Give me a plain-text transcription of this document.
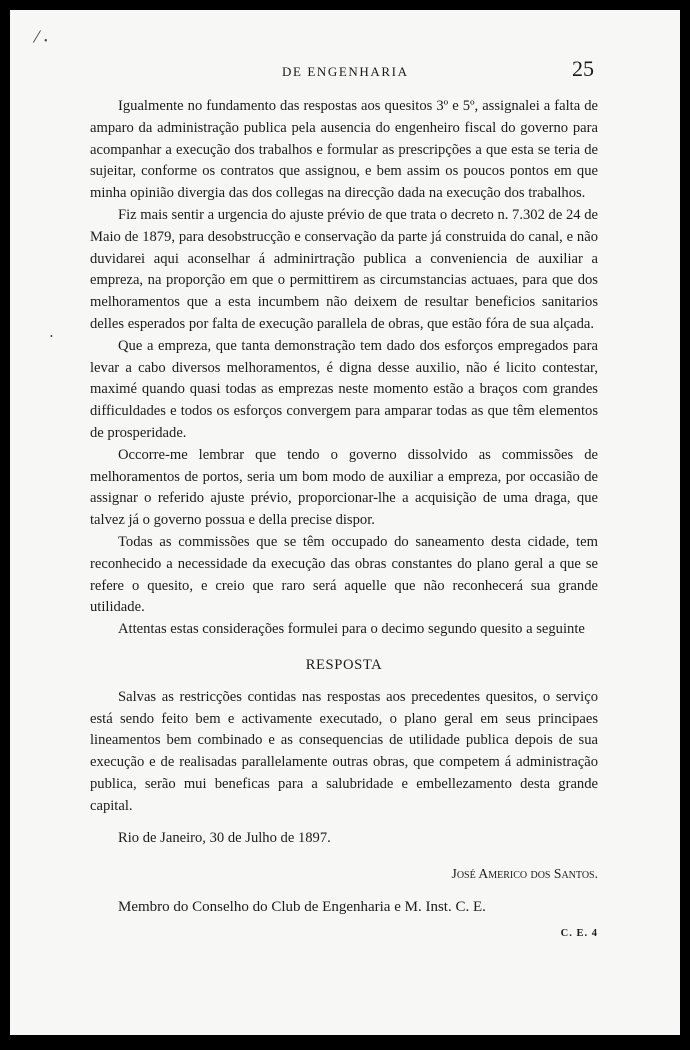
/ •
•
DE ENGENHARIA	25

Igualmente no fundamento das respostas aos quesitos 3º e 5º, assignalei a falta de amparo da administração publica pela ausencia do engenheiro fiscal do governo para acompanhar a execução dos trabalhos e formular as prescripções a que esta se teria de sujeitar, conforme os contratos que assignou, e bem assim os poucos pontos em que minha opinião divergia das dos collegas na direcção dada na execução dos trabalhos.

Fiz mais sentir a urgencia do ajuste prévio de que trata o decreto n. 7.302 de 24 de Maio de 1879, para desobstrucção e conservação da parte já construida do canal, e não duvidarei aqui aconselhar á adminirtração publica a conveniencia de auxiliar a empreza, na proporção em que o permittirem as circumstancias actuaes, para que dos melhoramentos que a esta incumbem não deixem de resultar beneficios sanitarios delles esperados por falta de execução parallela de obras, que estão fóra de sua alçada.

Que a empreza, que tanta demonstração tem dado dos esforços empregados para levar a cabo diversos melhoramentos, é digna desse auxilio, não é licito contestar, maximé quando quasi todas as emprezas neste momento estão a braços com grandes difficuldades e todos os esforços convergem para amparar todas as que têm elementos de prosperidade.

Occorre-me lembrar que tendo o governo dissolvido as commissões de melhoramentos de portos, seria um bom modo de auxiliar a empreza, por occasião de assignar o referido ajuste prévio, proporcionar-lhe a acquisição de uma draga, que talvez já o governo possua e della precise dispor.

Todas as commissões que se têm occupado do saneamento desta cidade, tem reconhecido a necessidade da execução das obras constantes do plano geral a que se refere o quesito, e creio que raro será aquelle que não reconhecerá sua grande utilidade.

Attentas estas considerações formulei para o decimo segundo quesito a seguinte

RESPOSTA

Salvas as restricções contidas nas respostas aos precedentes quesitos, o serviço está sendo feito bem e activamente executado, o plano geral em seus principaes lineamentos bem combinado e as consequencias de utilidade publica depois de sua execução e de realisadas parallelamente outras obras, que competem á administração publica, serão mui beneficas para a salubridade e embellezamento desta grande capital.

Rio de Janeiro, 30 de Julho de 1897.

José Americo dos Santos.

Membro do Conselho do Club de Engenharia e M. Inst. C. E.

C. E. 4
